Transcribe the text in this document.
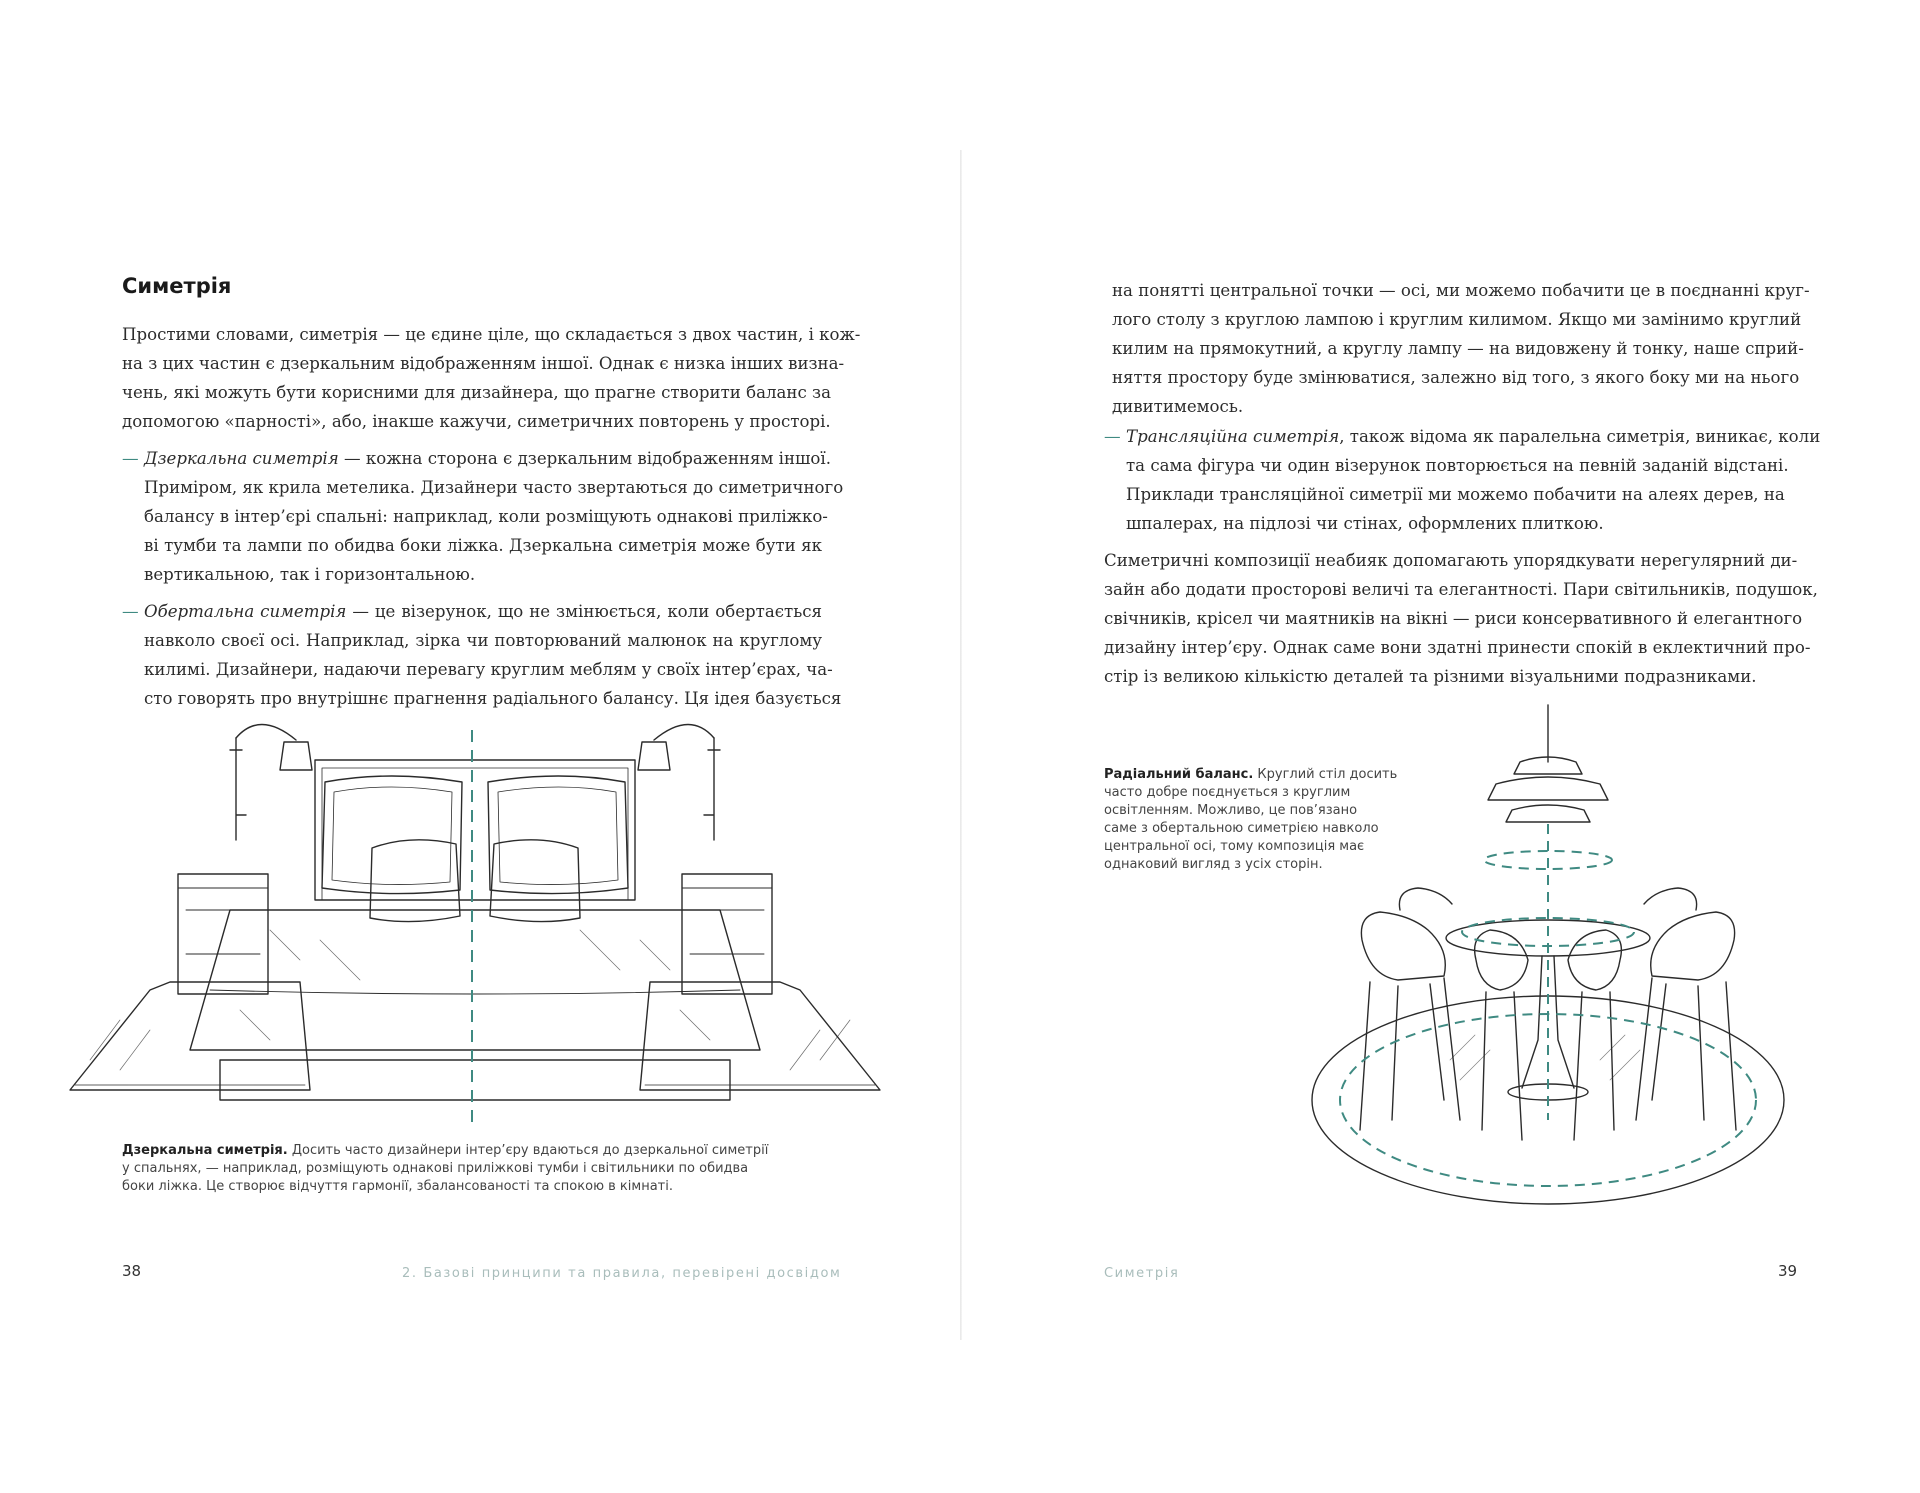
Симетрія
Простими словами, симетрія — це єдине ціле, що складається з двох частин, і кож-
на з цих частин є дзеркальним відображенням іншої. Однак є низка інших визна-
чень, які можуть бути корисними для дизайнера, що прагне створити баланс за
допомогою «парності», або, інакше кажучи, симетричних повторень у просторі.
— Дзеркальна симетрія — кожна сторона є дзеркальним відображенням іншої.
Приміром, як крила метелика. Дизайнери часто звертаються до симетричного
балансу в інтер’єрі спальні: наприклад, коли розміщують однакові приліжко-
ві тумби та лампи по обидва боки ліжка. Дзеркальна симетрія може бути як
вертикальною, так і горизонтальною.
— Обертальна симетрія — це візерунок, що не змінюється, коли обертається
навколо своєї осі. Наприклад, зірка чи повторюваний малюнок на круглому
килимі. Дизайнери, надаючи перевагу круглим меблям у своїх інтер’єрах, ча-
сто говорять про внутрішнє прагнення радіального балансу. Ця ідея базується
Дзеркальна симетрія. Досить часто дизайнери інтер’єру вдаються до дзеркальної симетрії
у спальнях, — наприклад, розміщують однакові приліжкові тумби і світильники по обидва
боки ліжка. Це створює відчуття гармонії, збалансованості та спокою в кімнаті.
38	2. Базові принципи та правила, перевірені досвідом
на понятті центральної точки — осі, ми можемо побачити це в поєднанні круг-
лого столу з круглою лампою і круглим килимом. Якщо ми замінимо круглий
килим на прямокутний, а круглу лампу — на видовжену й тонку, наше сприй-
няття простору буде змінюватися, залежно від того, з якого боку ми на нього
дивитимемось.
— Трансляційна симетрія, також відома як паралельна симетрія, виникає, коли
та сама фігура чи один візерунок повторюється на певній заданій відстані.
Приклади трансляційної симетрії ми можемо побачити на алеях дерев, на
шпалерах, на підлозі чи стінах, оформлених плиткою.
Симетричні композиції неабияк допомагають упорядкувати нерегулярний ди-
зайн або додати просторові величі та елегантності. Пари світильників, подушок,
свічників, крісел чи маятників на вікні — риси консервативного й елегантного
дизайну інтер’єру. Однак саме вони здатні принести спокій в еклектичний про-
стір із великою кількістю деталей та різними візуальними подразниками.
Радіальний баланс. Круглий стіл досить
часто добре поєднується з круглим
освітленням. Можливо, це пов’язано
саме з обертальною симетрією навколо
центральної осі, тому композиція має
однаковий вигляд з усіх сторін.
Симетрія	39
